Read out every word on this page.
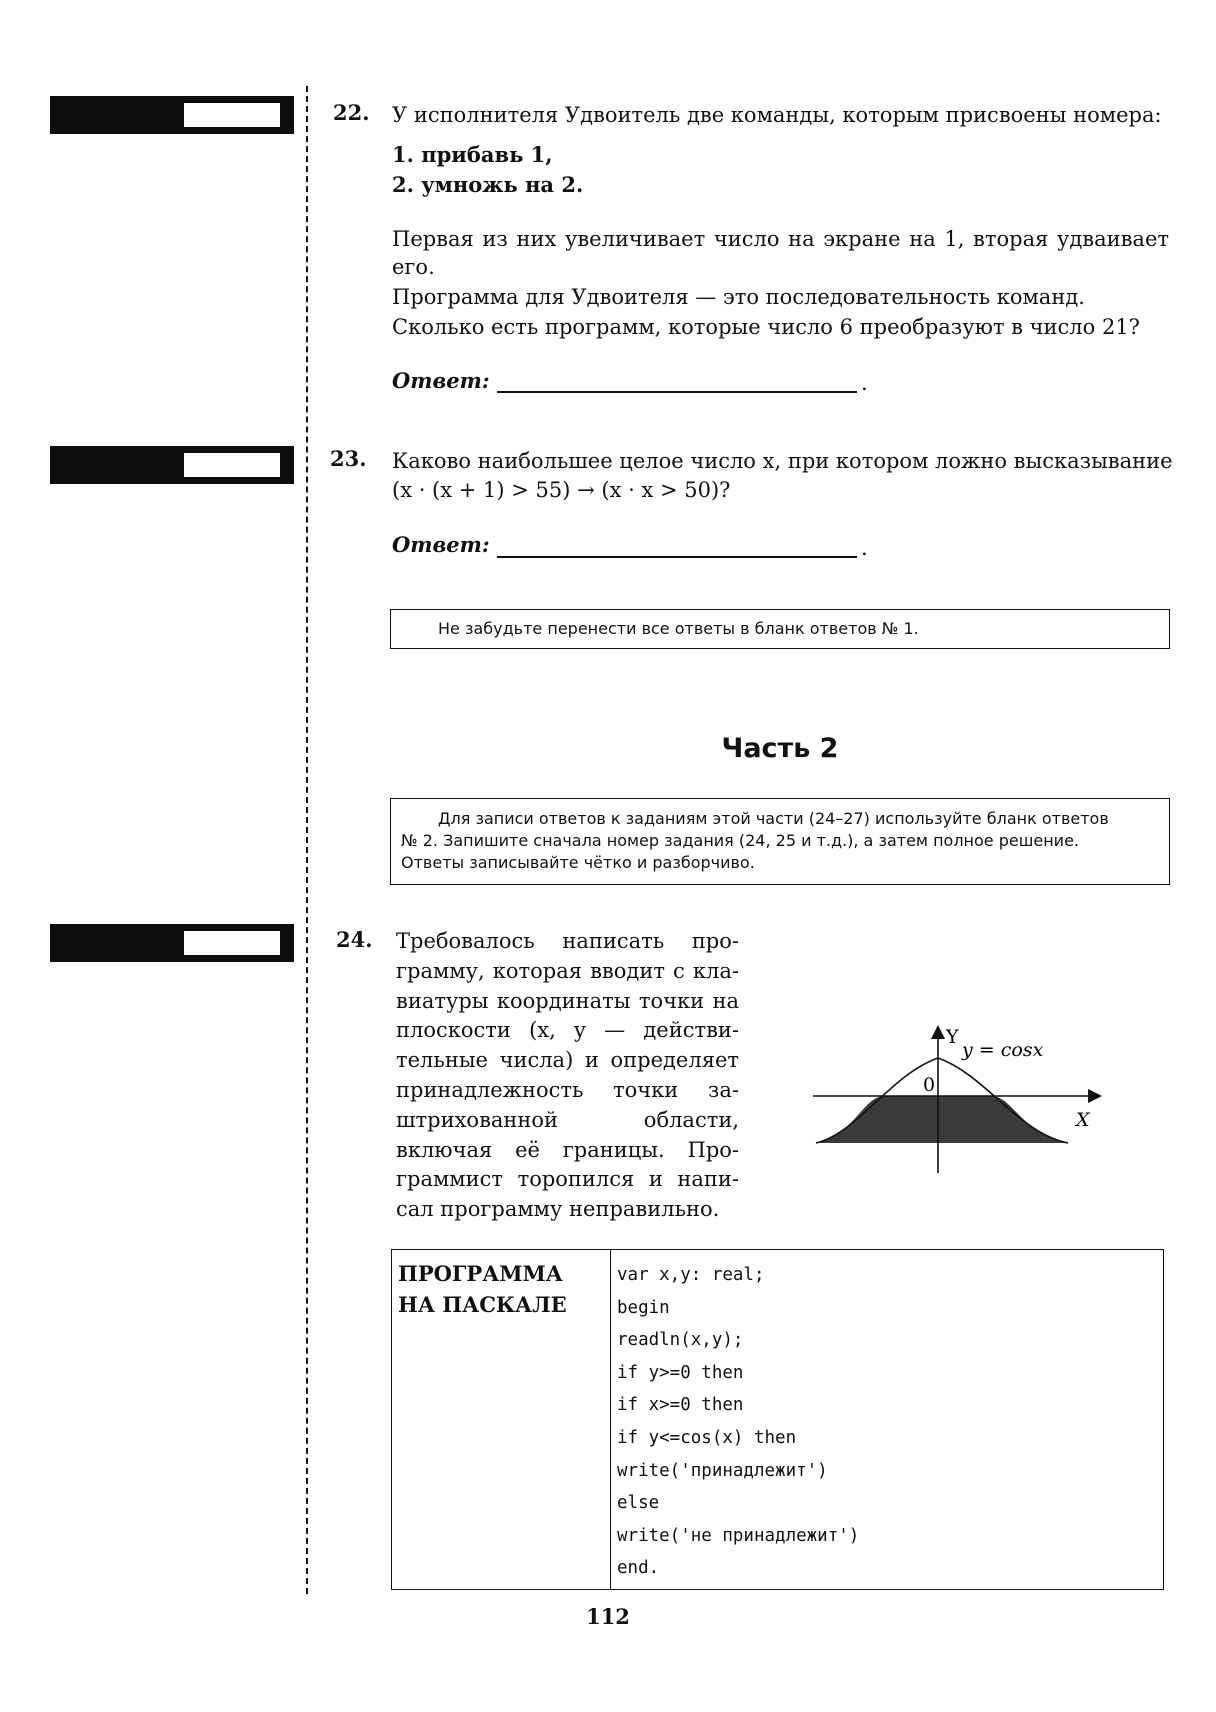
22. У исполнителя Удвоитель две команды, которым присвоены номера:
1. прибавь 1,
2. умножь на 2.
Первая из них увеличивает число на экране на 1, вторая удваивает
его.
Программа для Удвоителя — это последовательность команд.
Сколько есть программ, которые число 6 преобразуют в число 21?
Ответ:	.
23. Каково наибольшее целое число x, при котором ложно высказывание
(x · (x + 1) > 55) → (x · x > 50)?
Ответ:	.
Не забудьте перенести все ответы в бланк ответов № 1.
Часть 2
Для записи ответов к заданиям этой части (24–27) используйте бланк ответов
№ 2. Запишите сначала номер задания (24, 25 и т.д.), а затем полное решение.
Ответы записывайте чётко и разборчиво.
24. Требовалось написать про-
грамму, которая вводит с кла-
виатуры координаты точки на
плоскости (x, y — действи-
тельные числа) и определяет
принадлежность точки за-
штрихованной области,
включая её границы. Про-
граммист торопился и напи-
сал программу неправильно.
Y
X
0
y = cosx
ПРОГРАММА
НА ПАСКАЛЕ

var x,y: real;
begin
readln(x,y);
if y>=0 then
if x>=0 then
if y<=cos(x) then
write('принадлежит')
else
write('не принадлежит')
end.
112
